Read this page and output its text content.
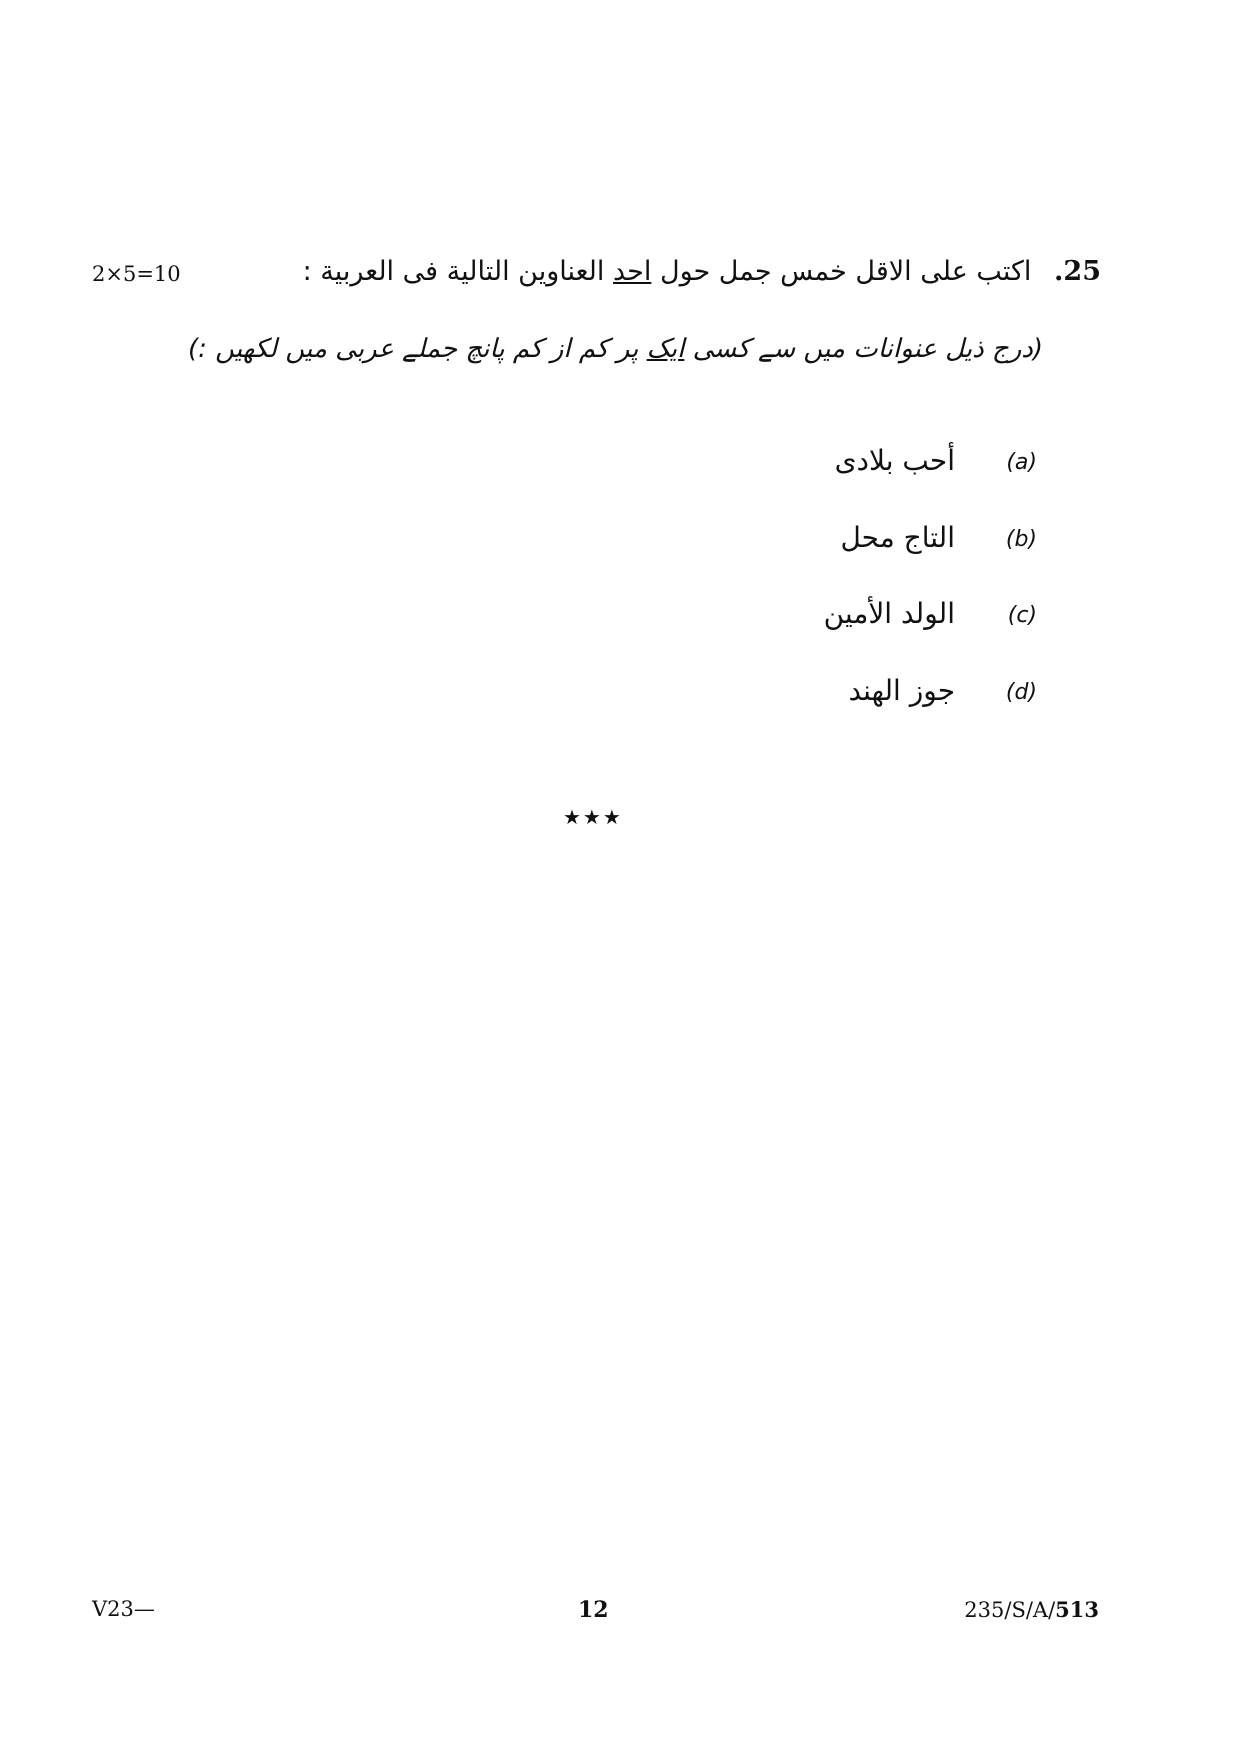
2×5=10	25. اكتب على الاقل خمس جمل حول احد العناوين التالية فى العربية :
(درج ذیل عنوانات میں سے کسی ایک پر کم از کم پانچ جملے عربی میں لکھیں :)
(a)
أحب بلادى
(b)
التاج محل
(c)
الولد الأمين
(d)
جوز الهند
★★★
V23—	12	235/S/A/513
